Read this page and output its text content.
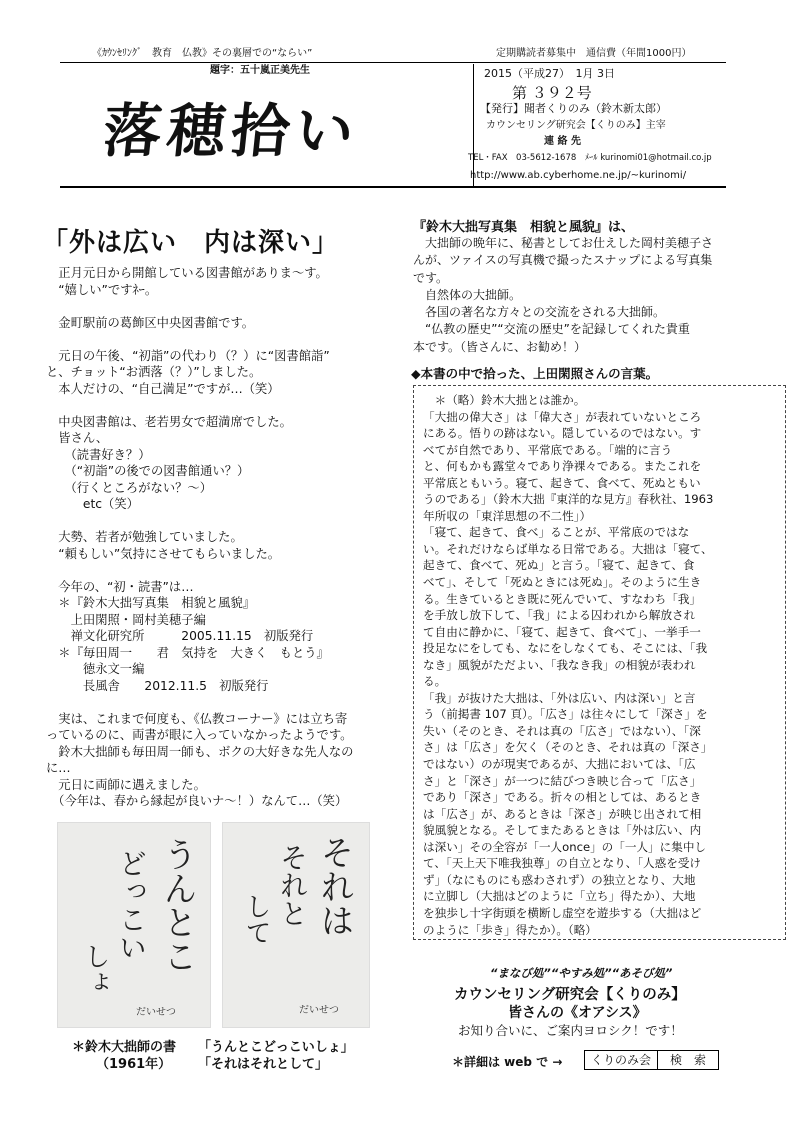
《ｶｳﾝｾﾘﾝｸﾞ　教育　仏教》その裏層での“ならい”	定期購読者募集中　通信費（年間1000円）
題字：五十嵐正美先生
落穂拾い
2015（平成27）　1月 3日
第 ３９２号
【発行】聞者くりのみ（鈴木新太郎）
カウンセリング研究会【くりのみ】主宰
連 絡 先
TEL・FAX　03-5612-1678　ﾒｰﾙ kurinomi01@hotmail.co.jp
http://www.ab.cyberhome.ne.jp/~kurinomi/
「外は広い　内は深い」
　正月元日から開館している図書館がありま～す。
　“嬉しい”ですﾈｰ。
　金町駅前の葛飾区中央図書館です。
　元日の午後、“初詣”の代わり（？）に“図書館詣”
と、チョット“お洒落（？）”しました。
　本人だけの、“自己満足”ですが…（笑）
　中央図書館は、老若男女で超満席でした。
　皆さん、
　　（読書好き？）
　　（“初詣”の後での図書館通い？）
　　（行くところがない？～）
　　　etc（笑）
　大勢、若者が勉強していました。
　“頼もしい”気持にさせてもらいました。
　今年の、“初・読書”は…
　＊『鈴木大拙写真集　相貌と風貌』
　　上田閑照・岡村美穂子編
　　禅文化研究所　　　2005.11.15　初版発行
　＊『毎田周一　　君　気持を　大きく　もとう』
　　　徳永文一編
　　　長風舎　　2012.11.5　初版発行
　実は、これまで何度も、《仏教コーナー》には立ち寄
っているのに、両書が眼に入っていなかったようです。
　鈴木大拙師も毎田周一師も、ボクの大好きな先人なの
に…
　元日に両師に遇えました。
　（今年は、春から縁起が良いナ～！）なんて…（笑）
うんとこ
どっこい
しょ
だいせつ
それは
それと
して
だいせつ
＊鈴木大拙師の書 「うんとこどっこいしょ」
（1961年） 「それはそれとして」
『鈴木大拙写真集　相貌と風貌』は、
　大拙師の晩年に、秘書としてお仕えした岡村美穂子さ
んが、ツァイスの写真機で撮ったスナップによる写真集
です。
　自然体の大拙師。
　各国の著名な方々との交流をされる大拙師。
　“仏教の歴史”“交流の歴史”を記録してくれた貴重
本です。（皆さんに、お勧め！）
◆本書の中で拾った、上田閑照さんの言葉。
　＊（略）鈴木大拙とは誰か。
「大拙の偉大さ」は「偉大さ」が表れていないところ
にある。悟りの跡はない。隠しているのではない。す
べてが自然であり、平常底である。「端的に言う
と、何もかも露堂々であり浄裸々である。またこれを
平常底ともいう。寝て、起きて、食べて、死ぬともい
うのである」（鈴木大拙『東洋的な見方』春秋社、1963
年所収の「東洋思想の不二性」）
「寝て、起きて、食べ」ることが、平常底のではな
い。それだけならば単なる日常である。大拙は「寝て、
起きて、食べて、死ぬ」と言う。「寝て、起きて、食
べて」、そして「死ぬときには死ぬ」。そのように生き
る。生きているとき既に死んでいて、すなわち「我」
を手放し放下して、「我」による囚われから解放され
て自由に静かに、「寝て、起きて、食べて」、一挙手一
投足なにをしても、なにをしなくても、そこには、「我
なき」風貌がただよい、「我なき我」の相貌が表われ
る。
「我」が抜けた大拙は、「外は広い、内は深い」と言
う（前掲書 107 頁）。「広さ」は往々にして「深さ」を
失い（そのとき、それは真の「広さ」ではない）、「深
さ」は「広さ」を欠く（そのとき、それは真の「深さ」
ではない）のが現実であるが、大拙においては、「広
さ」と「深さ」が一つに結びつき映じ合って「広さ」
であり「深さ」である。折々の相としては、あるとき
は「広さ」が、あるときは「深さ」が映じ出されて相
貌風貌となる。そしてまたあるときは「外は広い、内
は深い」その全容が「一人once」の「一人」に集中し
て、「天上天下唯我独尊」の自立となり、「人惑を受け
ず」（なにものにも惑わされず）の独立となり、大地
に立脚し（大拙はどのように「立ち」得たか）、大地
を独歩し十字街頭を横断し虚空を遊歩する（大拙はど
のように「歩き」得たか）。（略）
“まなび処”“やすみ処”“あそび処”
カウンセリング研究会【くりのみ】
皆さんの《オアシス》
お知り合いに、ご案内ヨロシク！です！
＊詳細は web で →	くりのみ会	検　索
